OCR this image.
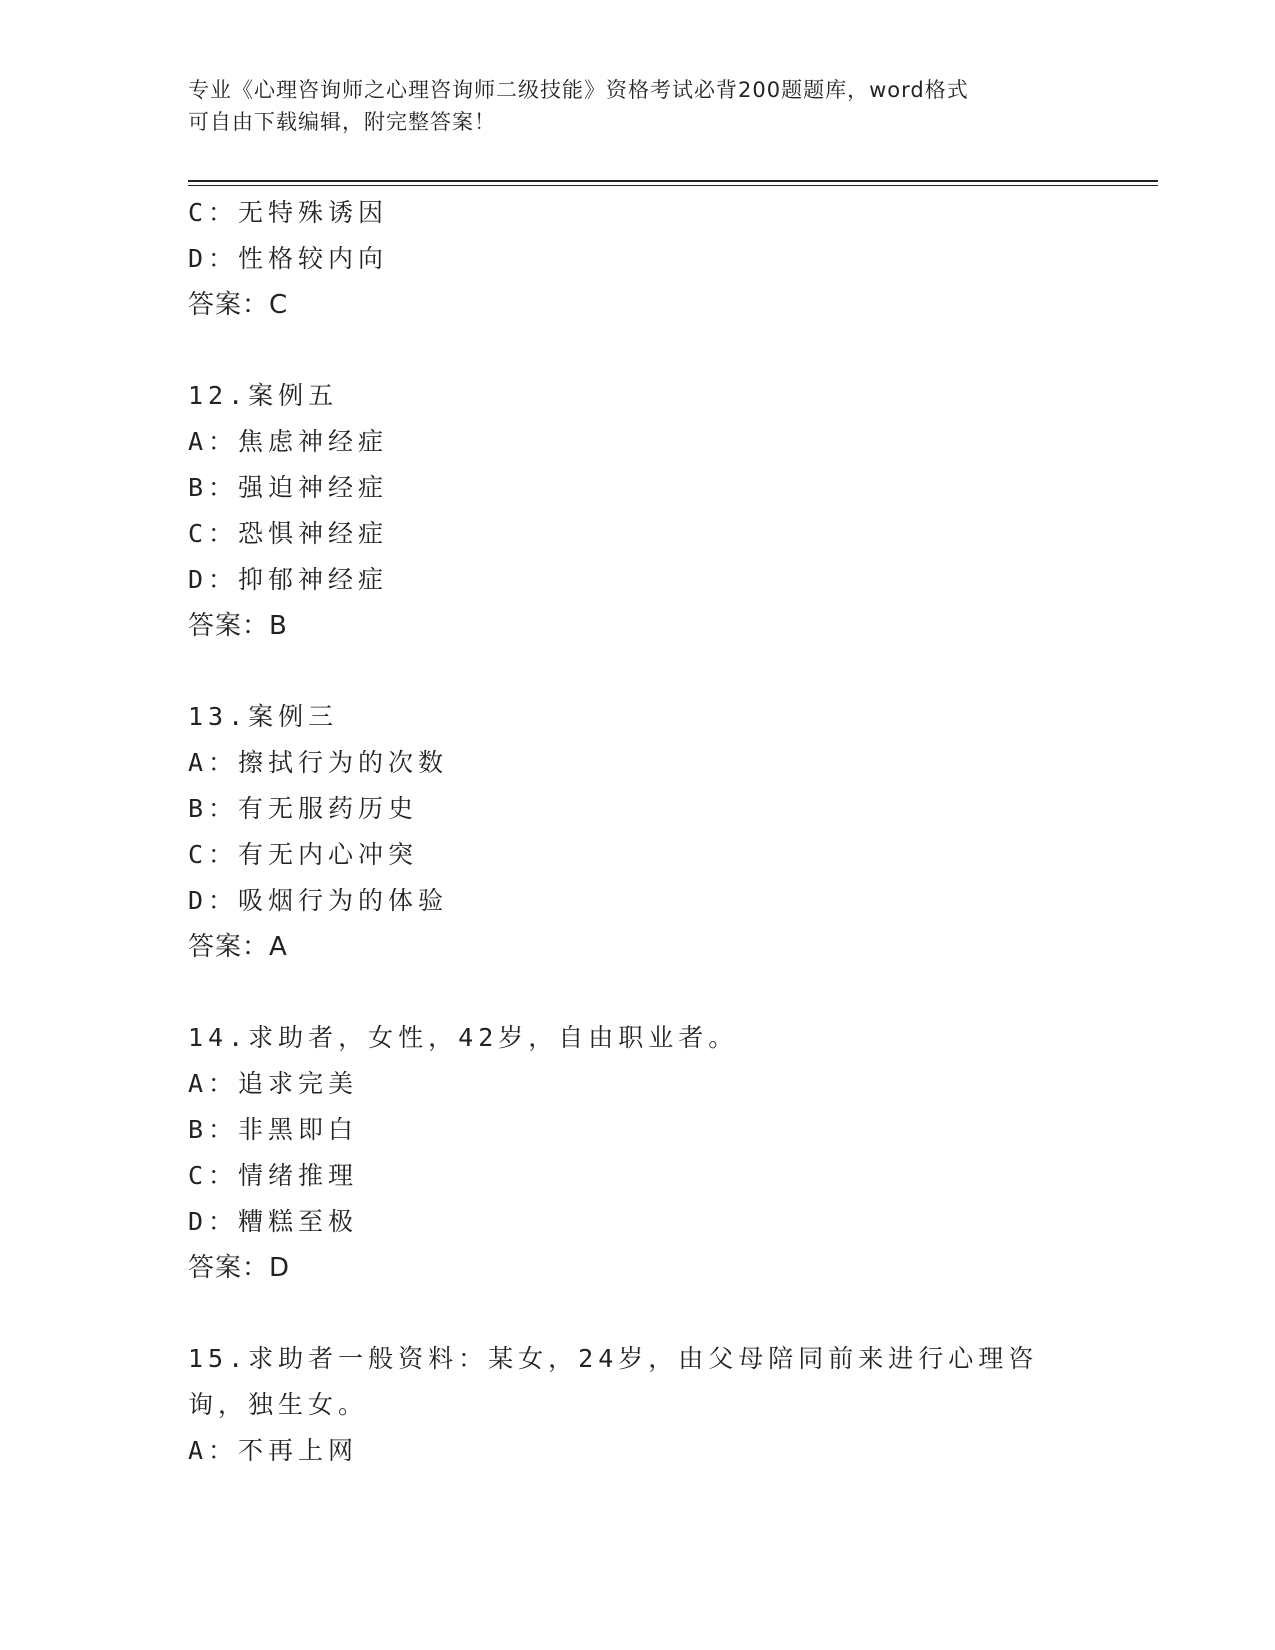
专业《心理咨询师之心理咨询师二级技能》资格考试必背200题题库，word格式
可自由下载编辑，附完整答案！
C：无特殊诱因
D：性格较内向
答案：C
12.案例五
A：焦虑神经症
B：强迫神经症
C：恐惧神经症
D：抑郁神经症
答案：B
13.案例三
A：擦拭行为的次数
B：有无服药历史
C：有无内心冲突
D：吸烟行为的体验
答案：A
14.求助者，女性，42岁，自由职业者。
A：追求完美
B：非黑即白
C：情绪推理
D：糟糕至极
答案：D
15.求助者一般资料：某女，24岁，由父母陪同前来进行心理咨询，独生女。
A：不再上网
